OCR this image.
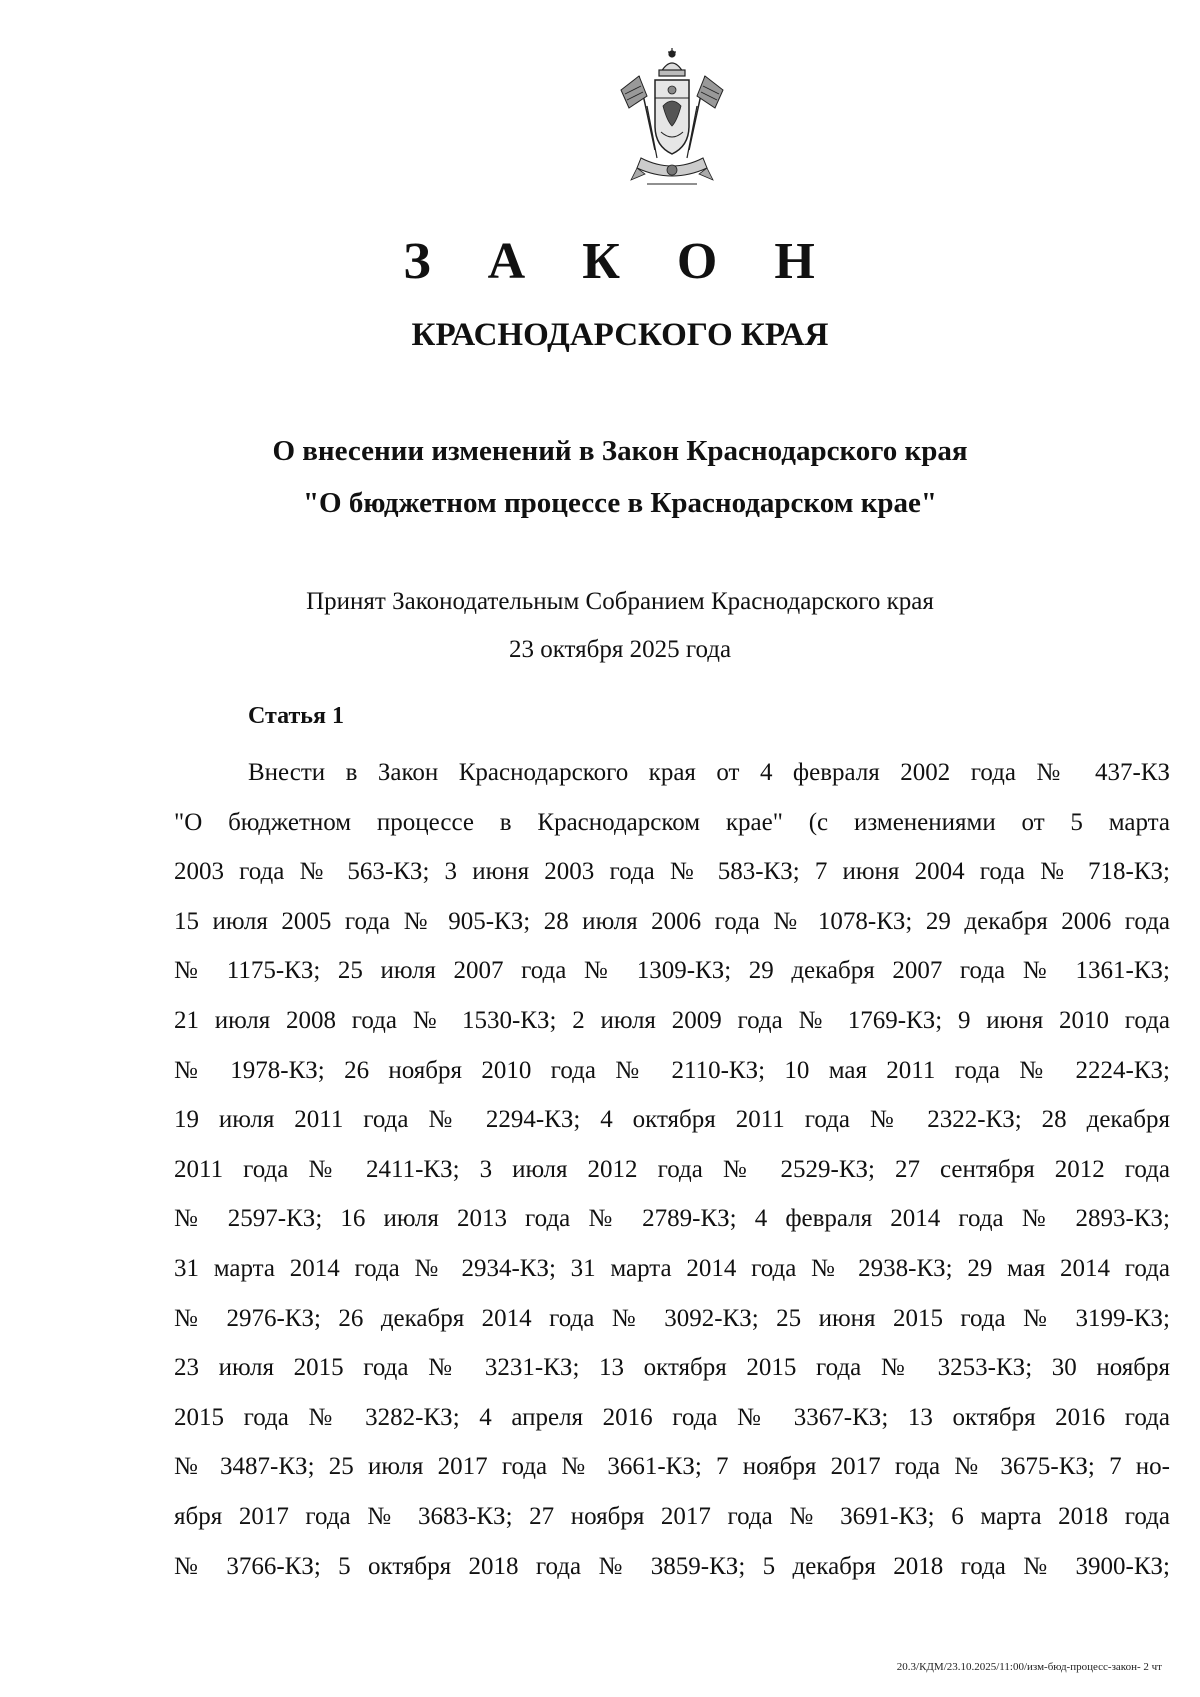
З А К О Н
КРАСНОДАРСКОГО КРАЯ
О внесении изменений в Закон Краснодарского края
"О бюджетном процессе в Краснодарском крае"
Принят Законодательным Собранием Краснодарского края
23 октября 2025 года
Статья 1

Внести в Закон Краснодарского края от 4 февраля 2002 года № 437-КЗ
"О бюджетном процессе в Краснодарском крае" (с изменениями от 5 марта
2003 года № 563-КЗ; 3 июня 2003 года № 583-КЗ; 7 июня 2004 года № 718-КЗ;
15 июля 2005 года № 905-КЗ; 28 июля 2006 года № 1078-КЗ; 29 декабря 2006 года
№ 1175-КЗ; 25 июля 2007 года № 1309-КЗ; 29 декабря 2007 года № 1361-КЗ;
21 июля 2008 года № 1530-КЗ; 2 июля 2009 года № 1769-КЗ; 9 июня 2010 года
№ 1978-КЗ; 26 ноября 2010 года № 2110-КЗ; 10 мая 2011 года № 2224-КЗ;
19 июля 2011 года № 2294-КЗ; 4 октября 2011 года № 2322-КЗ; 28 декабря
2011 года № 2411-КЗ; 3 июля 2012 года № 2529-КЗ; 27 сентября 2012 года
№ 2597-КЗ; 16 июля 2013 года № 2789-КЗ; 4 февраля 2014 года № 2893-КЗ;
31 марта 2014 года № 2934-КЗ; 31 марта 2014 года № 2938-КЗ; 29 мая 2014 года
№ 2976-КЗ; 26 декабря 2014 года № 3092-КЗ; 25 июня 2015 года № 3199-КЗ;
23 июля 2015 года № 3231-КЗ; 13 октября 2015 года № 3253-КЗ; 30 ноября
2015 года № 3282-КЗ; 4 апреля 2016 года № 3367-КЗ; 13 октября 2016 года
№ 3487-КЗ; 25 июля 2017 года № 3661-КЗ; 7 ноября 2017 года № 3675-КЗ; 7 но-
ября 2017 года № 3683-КЗ; 27 ноября 2017 года № 3691-КЗ; 6 марта 2018 года
№ 3766-КЗ; 5 октября 2018 года № 3859-КЗ; 5 декабря 2018 года № 3900-КЗ;

20.3/КДМ/23.10.2025/11:00/изм-бюд-процесс-закон- 2 чт
